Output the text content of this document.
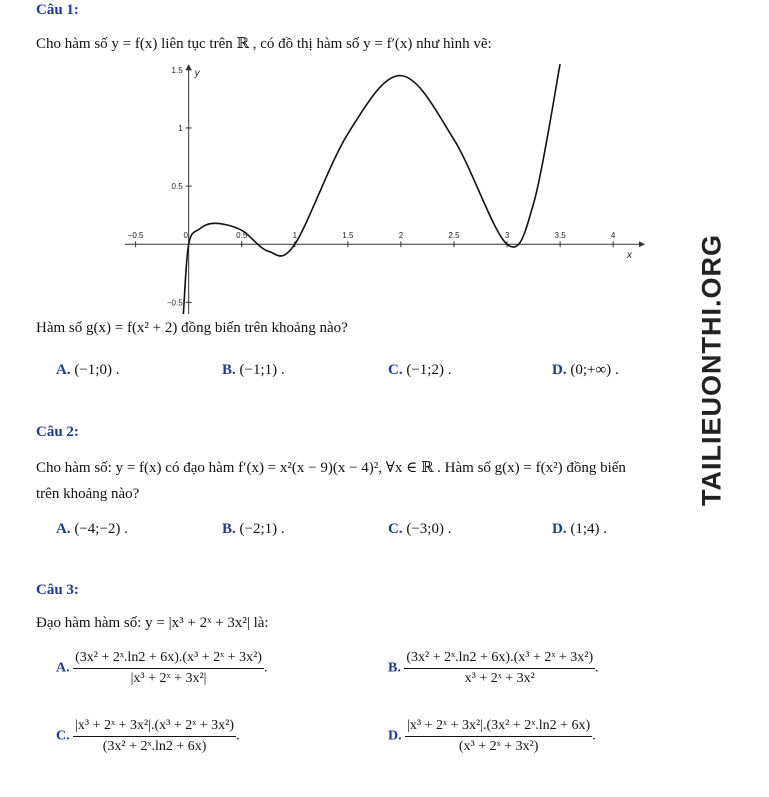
Câu 1:
Cho hàm số y = f(x) liên tục trên ℝ , có đồ thị hàm số y = f′(x) như hình vẽ:
−0.5	0	0.5	1	1.5	2	2.5	3	3.5	4
−0.5
0.5
1
1.5
x
y
Hàm số g(x) = f(x² + 2) đồng biến trên khoảng nào?
A. (−1;0) .	B. (−1;1) .	C. (−1;2) .	D. (0;+∞) .
Câu 2:
Cho hàm số: y = f(x) có đạo hàm f′(x) = x²(x − 9)(x − 4)², ∀x ∈ ℝ . Hàm số g(x) = f(x²) đồng biến
trên khoảng nào?
A. (−4;−2) .	B. (−2;1) .	C. (−3;0) .	D. (1;4) .
Câu 3:
Đạo hàm hàm số: y = |x³ + 2ˣ + 3x²| là:
A. $\frac{\text{(3x² + 2ˣ.ln2 + 6x).(x³ + 2ˣ + 3x²)}}{\text{|x³ + 2ˣ + 3x²|}}$ .	B. $\frac{\text{(3x² + 2ˣ.ln2 + 6x).(x³ + 2ˣ + 3x²)}}{\text{x³ + 2ˣ + 3x²}}$ .
C. $\frac{\text{|x³ + 2ˣ + 3x²|.(x³ + 2ˣ + 3x²)}}{\text{(3x² + 2ˣ.ln2 + 6x)}}$ .	D. $\frac{\text{|x³ + 2ˣ + 3x²|.(3x² + 2ˣ.ln2 + 6x)}}{\text{(x³ + 2ˣ + 3x²)}}$ .
TAILIEUONTHI.ORG
